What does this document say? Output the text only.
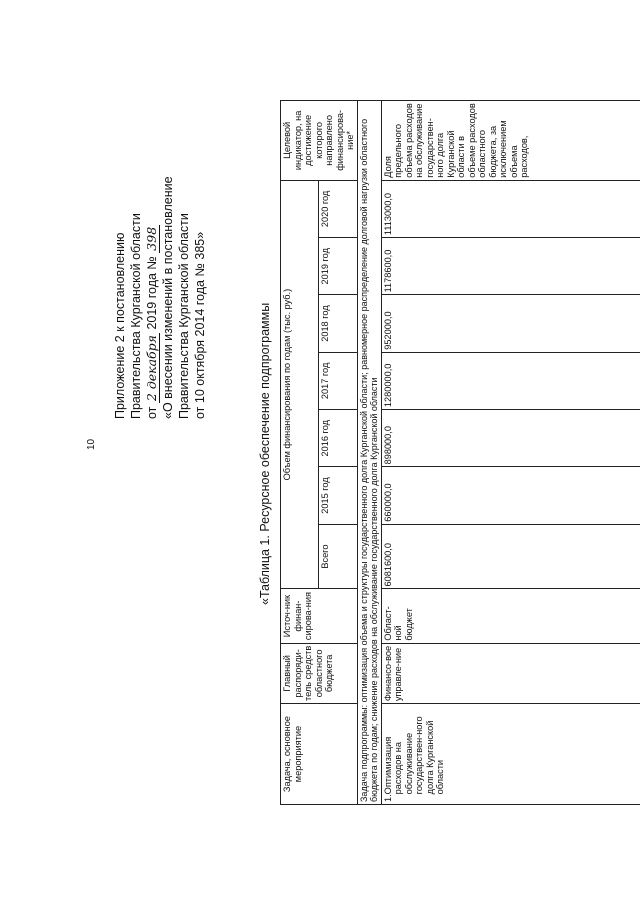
10
Приложение 2 к постановлению Правительства Курганской области от 2 декабря 2019 года № 398 «О внесении изменений в постановление Правительства Курганской области от 10 октября 2014 года № 385»	«Таблица 1. Ресурсное обеспечение подпрограммы
Задача, основное мероприятие	Главный распоряди-тель средств областного бюджета	Источ-ник финан-сирова-ния	Объем финансирования по годам (тыс. руб.)							Целевой индикатор, на достижение которого направлено финансирова-ние*
			Всего	2015 год	2016 год	2017 год	2018 год	2019 год	2020 год	
Задача подпрограммы: оптимизация объема и структуры государственного долга Курганской области; равномерное распределение долговой нагрузки областного бюджета по годам; снижение расходов на обслуживание государственного долга Курганской области										

1.
Оптимизация расходов на обслуживание государствен-ного долга Курганской области	Финансо-вое управле-ние	Област-ной бюджет	6081600,0	660000,0	898000,0	1280000,0	952000,0	1178600,0	1113000,0	Доля предельного объема расходов на обслуживание государствен-ного долга Курганской области в объеме расходов областного бюджета, за исключением объема расходов,
